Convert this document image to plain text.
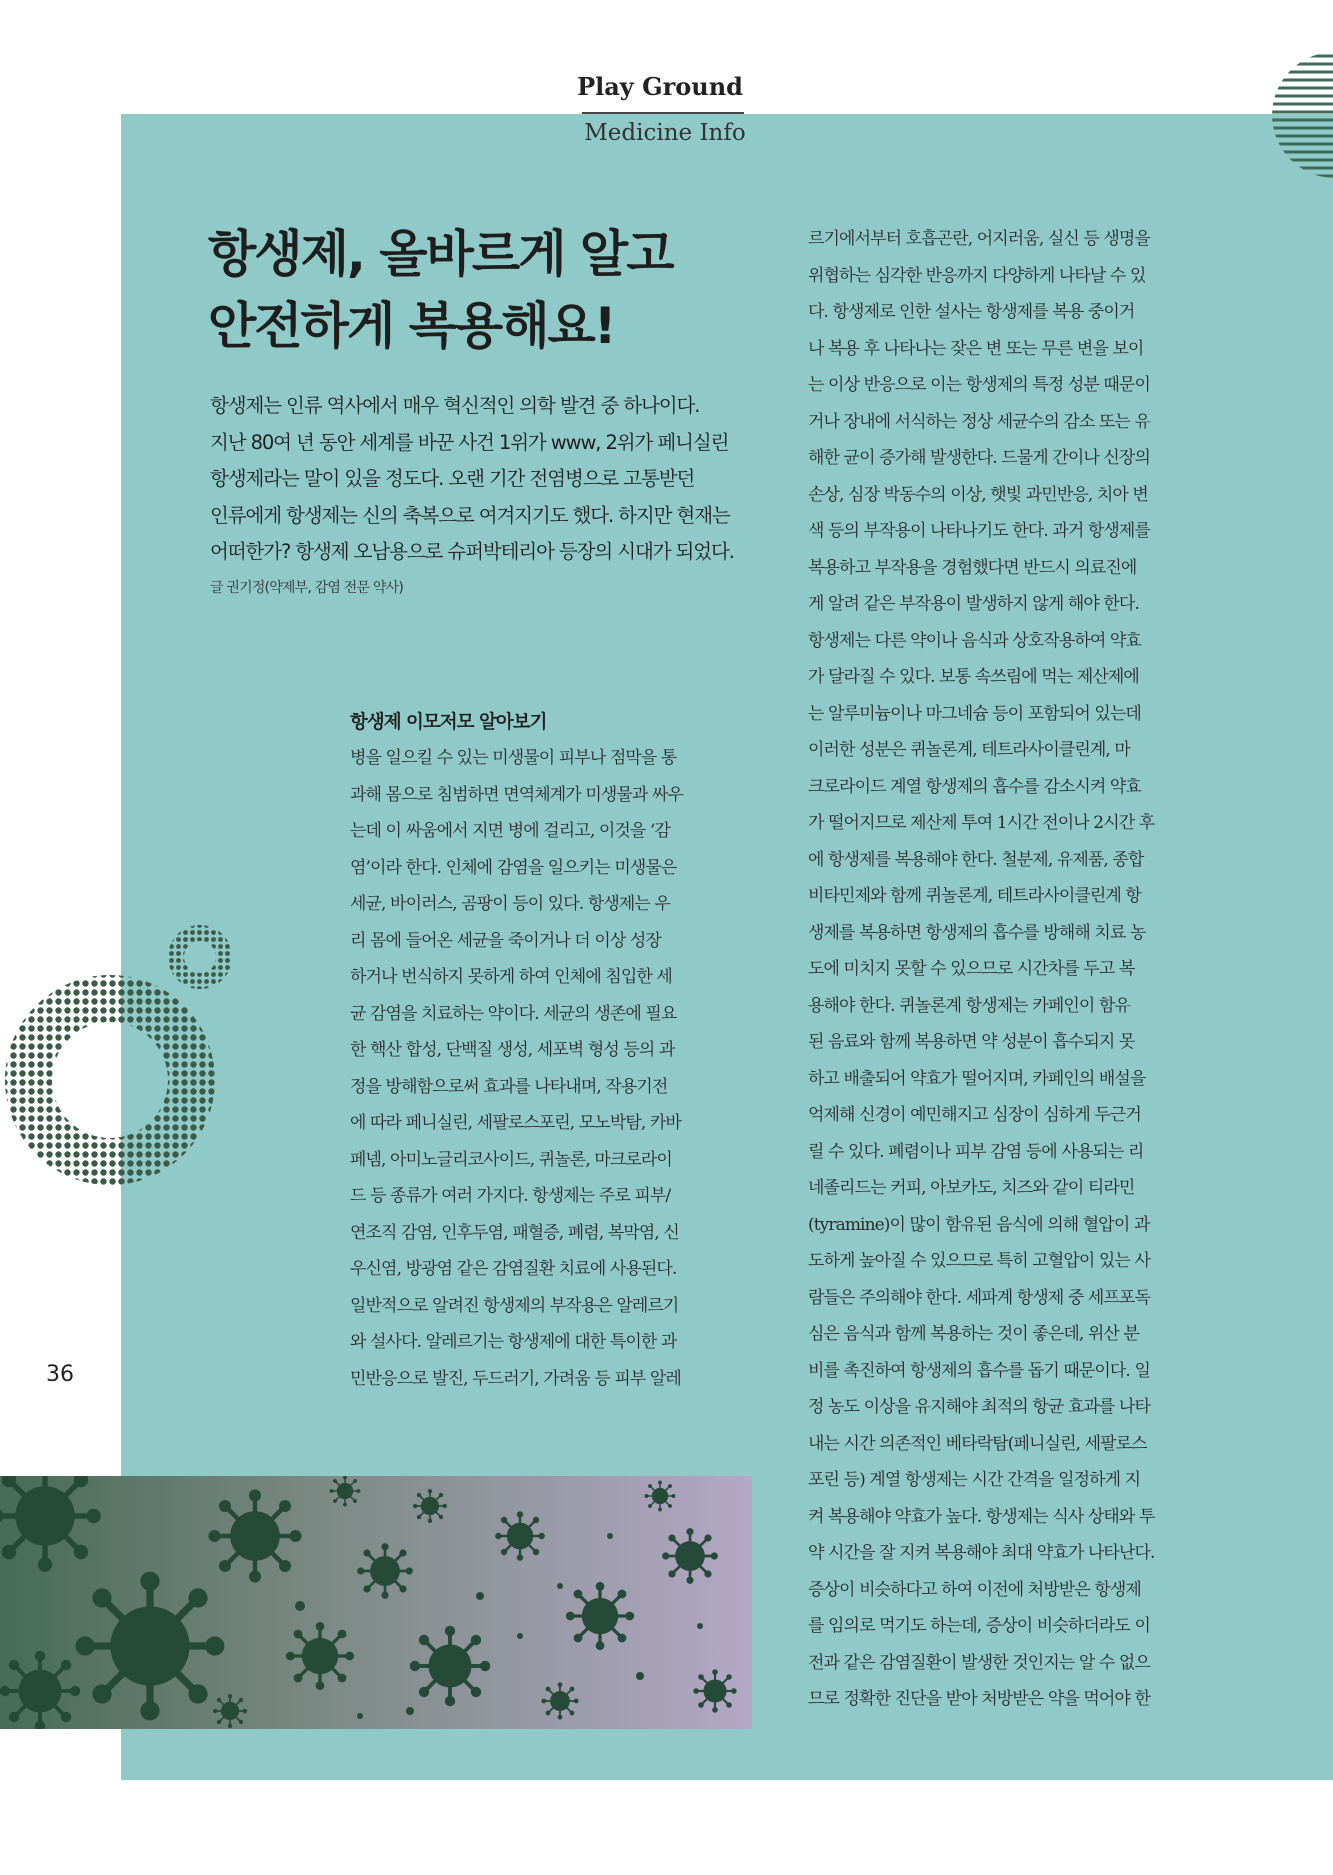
Play Ground
Medicine Info
항생제, 올바르게 알고
안전하게 복용해요!
항생제는 인류 역사에서 매우 혁신적인 의학 발견 중 하나이다.
지난 80여 년 동안 세계를 바꾼 사건 1위가 www, 2위가 페니실린
항생제라는 말이 있을 정도다. 오랜 기간 전염병으로 고통받던
인류에게 항생제는 신의 축복으로 여겨지기도 했다. 하지만 현재는
어떠한가? 항생제 오남용으로 슈퍼박테리아 등장의 시대가 되었다.
글 권기정(약제부, 감염 전문 약사)
항생제 이모저모 알아보기
병을 일으킬 수 있는 미생물이 피부나 점막을 통
과해 몸으로 침범하면 면역체계가 미생물과 싸우
는데 이 싸움에서 지면 병에 걸리고, 이것을 ‘감
염’이라 한다. 인체에 감염을 일으키는 미생물은
세균, 바이러스, 곰팡이 등이 있다. 항생제는 우
리 몸에 들어온 세균을 죽이거나 더 이상 성장
하거나 번식하지 못하게 하여 인체에 침입한 세
균 감염을 치료하는 약이다. 세균의 생존에 필요
한 핵산 합성, 단백질 생성, 세포벽 형성 등의 과
정을 방해함으로써 효과를 나타내며, 작용기전
에 따라 페니실린, 세팔로스포린, 모노박탐, 카바
페넴, 아미노글리코사이드, 퀴놀론, 마크로라이
드 등 종류가 여러 가지다. 항생제는 주로 피부/
연조직 감염, 인후두염, 패혈증, 폐렴, 복막염, 신
우신염, 방광염 같은 감염질환 치료에 사용된다.
일반적으로 알려진 항생제의 부작용은 알레르기
와 설사다. 알레르기는 항생제에 대한 특이한 과
민반응으로 발진, 두드러기, 가려움 등 피부 알레
르기에서부터 호흡곤란, 어지러움, 실신 등 생명을
위협하는 심각한 반응까지 다양하게 나타날 수 있
다. 항생제로 인한 설사는 항생제를 복용 중이거
나 복용 후 나타나는 잦은 변 또는 무른 변을 보이
는 이상 반응으로 이는 항생제의 특정 성분 때문이
거나 장내에 서식하는 정상 세균수의 감소 또는 유
해한 균이 증가해 발생한다. 드물게 간이나 신장의
손상, 심장 박동수의 이상, 햇빛 과민반응, 치아 변
색 등의 부작용이 나타나기도 한다. 과거 항생제를
복용하고 부작용을 경험했다면 반드시 의료진에
게 알려 같은 부작용이 발생하지 않게 해야 한다.
항생제는 다른 약이나 음식과 상호작용하여 약효
가 달라질 수 있다. 보통 속쓰림에 먹는 제산제에
는 알루미늄이나 마그네슘 등이 포함되어 있는데
이러한 성분은 퀴놀론계, 테트라사이클린계, 마
크로라이드 계열 항생제의 흡수를 감소시켜 약효
가 떨어지므로 제산제 투여 1시간 전이나 2시간 후
에 항생제를 복용해야 한다. 철분제, 유제품, 종합
비타민제와 함께 퀴놀론계, 테트라사이클린계 항
생제를 복용하면 항생제의 흡수를 방해해 치료 농
도에 미치지 못할 수 있으므로 시간차를 두고 복
용해야 한다. 퀴놀론계 항생제는 카페인이 함유
된 음료와 함께 복용하면 약 성분이 흡수되지 못
하고 배출되어 약효가 떨어지며, 카페인의 배설을
억제해 신경이 예민해지고 심장이 심하게 두근거
릴 수 있다. 폐렴이나 피부 감염 등에 사용되는 리
네졸리드는 커피, 아보카도, 치즈와 같이 티라민
(tyramine)이 많이 함유된 음식에 의해 혈압이 과
도하게 높아질 수 있으므로 특히 고혈압이 있는 사
람들은 주의해야 한다. 세파계 항생제 중 세프포독
심은 음식과 함께 복용하는 것이 좋은데, 위산 분
비를 촉진하여 항생제의 흡수를 돕기 때문이다. 일
정 농도 이상을 유지해야 최적의 항균 효과를 나타
내는 시간 의존적인 베타락탐(페니실린, 세팔로스
포린 등) 계열 항생제는 시간 간격을 일정하게 지
켜 복용해야 약효가 높다. 항생제는 식사 상태와 투
약 시간을 잘 지켜 복용해야 최대 약효가 나타난다.
증상이 비슷하다고 하여 이전에 처방받은 항생제
를 임의로 먹기도 하는데, 증상이 비슷하더라도 이
전과 같은 감염질환이 발생한 것인지는 알 수 없으
므로 정확한 진단을 받아 처방받은 약을 먹어야 한
36
